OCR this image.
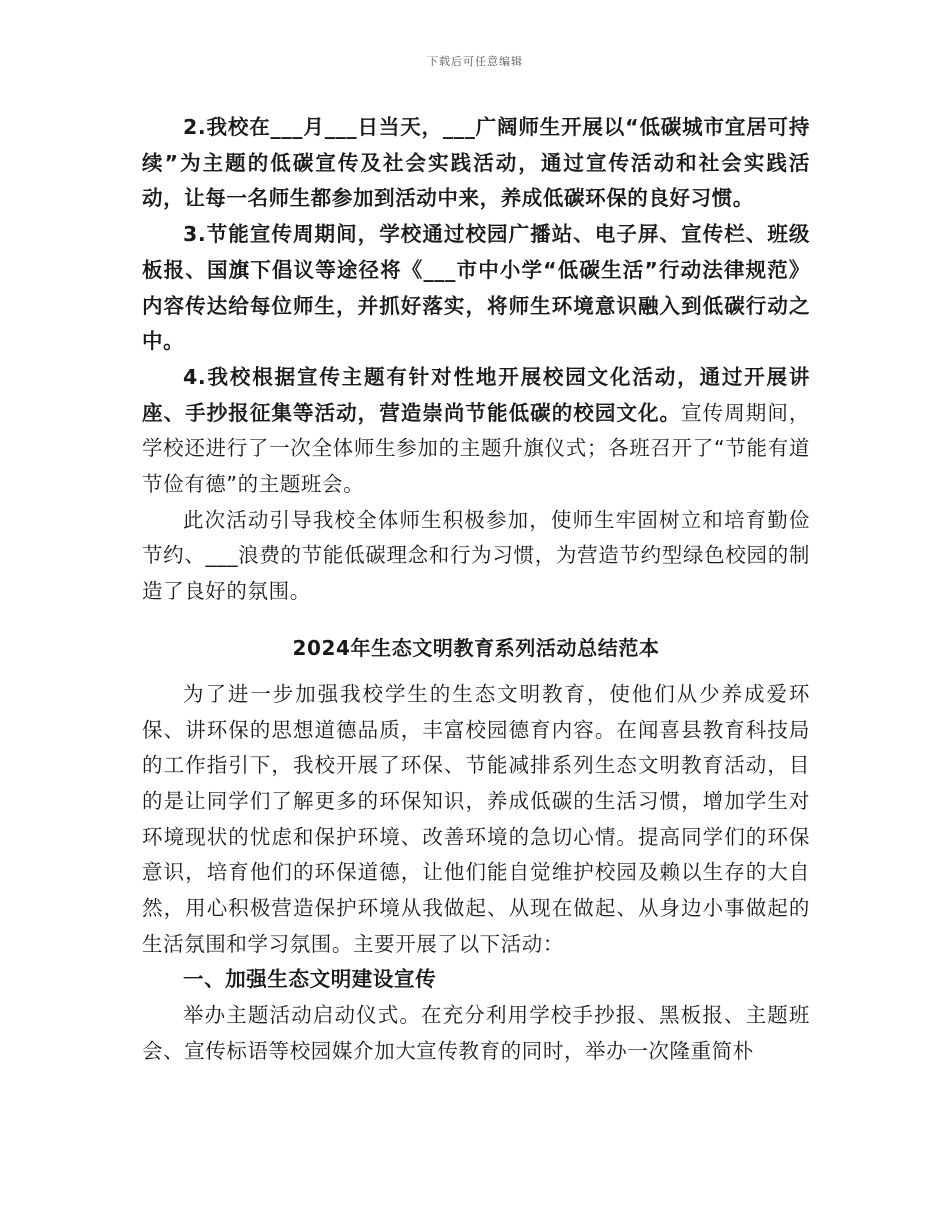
下载后可任意编辑

2.我校在___月___日当天，___广阔师生开展以“低碳城市宜居可持续”为主题的低碳宣传及社会实践活动，通过宣传活动和社会实践活动，让每一名师生都参加到活动中来，养成低碳环保的良好习惯。

3.节能宣传周期间，学校通过校园广播站、电子屏、宣传栏、班级板报、国旗下倡议等途径将《___市中小学“低碳生活”行动法律规范》内容传达给每位师生，并抓好落实，将师生环境意识融入到低碳行动之中。

4.我校根据宣传主题有针对性地开展校园文化活动，通过开展讲座、手抄报征集等活动，营造崇尚节能低碳的校园文化。宣传周期间，学校还进行了一次全体师生参加的主题升旗仪式；各班召开了“节能有道节俭有德”的主题班会。

此次活动引导我校全体师生积极参加，使师生牢固树立和培育勤俭节约、___浪费的节能低碳理念和行为习惯，为营造节约型绿色校园的制造了良好的氛围。

2024年生态文明教育系列活动总结范本

为了进一步加强我校学生的生态文明教育，使他们从少养成爱环保、讲环保的思想道德品质，丰富校园德育内容。在闻喜县教育科技局的工作指引下，我校开展了环保、节能减排系列生态文明教育活动，目的是让同学们了解更多的环保知识，养成低碳的生活习惯，增加学生对环境现状的忧虑和保护环境、改善环境的急切心情。提高同学们的环保意识，培育他们的环保道德，让他们能自觉维护校园及赖以生存的大自然，用心积极营造保护环境从我做起、从现在做起、从身边小事做起的生活氛围和学习氛围。主要开展了以下活动：

一、加强生态文明建设宣传

举办主题活动启动仪式。在充分利用学校手抄报、黑板报、主题班会、宣传标语等校园媒介加大宣传教育的同时，举办一次隆重简朴
